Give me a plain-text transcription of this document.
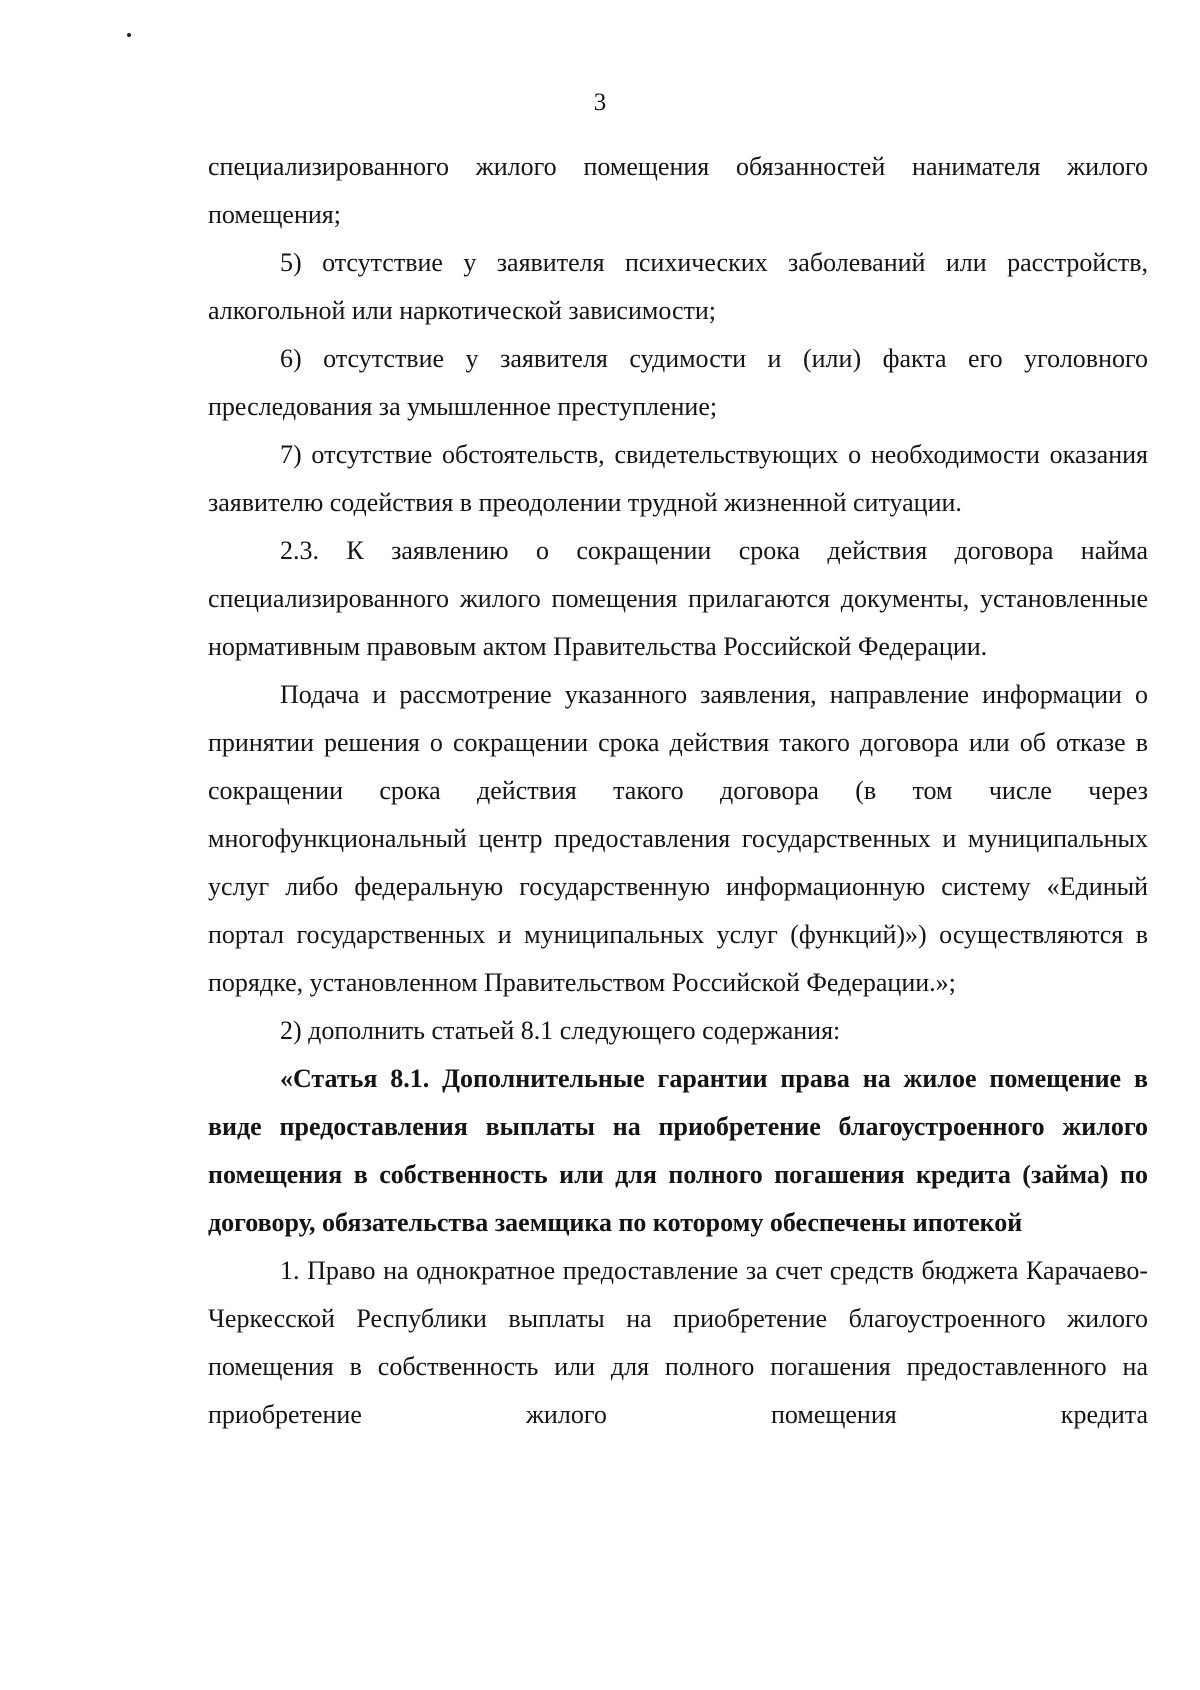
3

специализированного жилого помещения обязанностей нанимателя жилого помещения;

5) отсутствие у заявителя психических заболеваний или расстройств, алкогольной или наркотической зависимости;

6) отсутствие у заявителя судимости и (или) факта его уголовного преследования за умышленное преступление;

7) отсутствие обстоятельств, свидетельствующих о необходимости оказания заявителю содействия в преодолении трудной жизненной ситуации.

2.3. К заявлению о сокращении срока действия договора найма специализированного жилого помещения прилагаются документы, установленные нормативным правовым актом Правительства Российской Федерации.

Подача и рассмотрение указанного заявления, направление информации о принятии решения о сокращении срока действия такого договора или об отказе в сокращении срока действия такого договора (в том числе через многофункциональный центр предоставления государственных и муниципальных услуг либо федеральную государственную информационную систему «Единый портал государственных и муниципальных услуг (функций)») осуществляются в порядке, установленном Правительством Российской Федерации.»;

2) дополнить статьей 8.1 следующего содержания:

«Статья 8.1. Дополнительные гарантии права на жилое помещение в виде предоставления выплаты на приобретение благоустроенного жилого помещения в собственность или для полного погашения кредита (займа) по договору, обязательства заемщика по которому обеспечены ипотекой

1. Право на однократное предоставление за счет средств бюджета Карачаево-Черкесской Республики выплаты на приобретение благоустроенного жилого помещения в собственность или для полного погашения предоставленного на приобретение жилого помещения кредита
